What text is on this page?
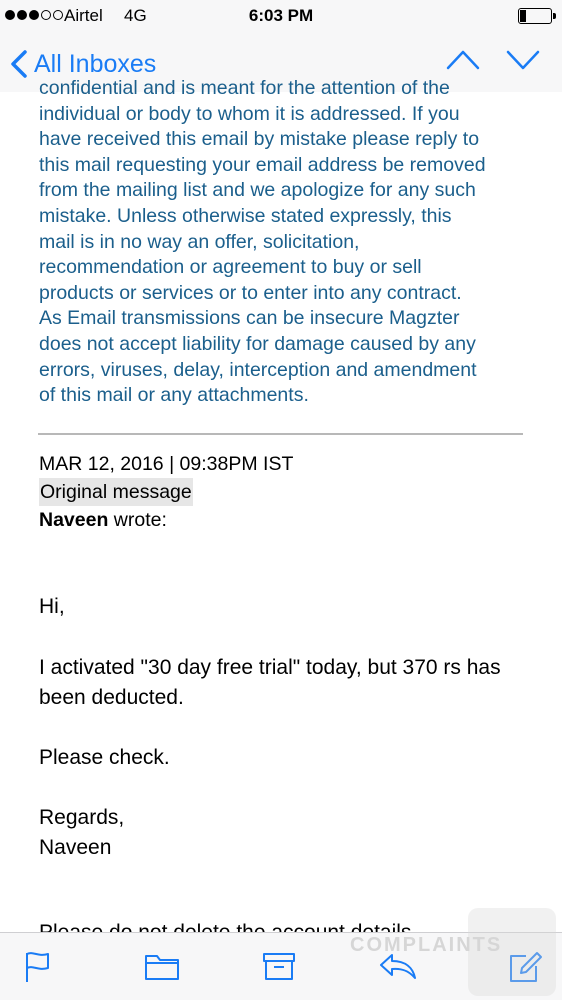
Airtel 4G	6:03 PM
All Inboxes
confidential and is meant for the attention of the
individual or body to whom it is addressed. If you
have received this email by mistake please reply to
this mail requesting your email address be removed
from the mailing list and we apologize for any such
mistake. Unless otherwise stated expressly, this
mail is in no way an offer, solicitation,
recommendation or agreement to buy or sell
products or services or to enter into any contract.
As Email transmissions can be insecure Magzter
does not accept liability for damage caused by any
errors, viruses, delay, interception and amendment
of this mail or any attachments.
MAR 12, 2016 | 09:38PM IST
Original message
Naveen wrote:
Hi,
I activated "30 day free trial" today, but 370 rs has been deducted.
Please check.
Regards,
Naveen
COMPLAINTS
